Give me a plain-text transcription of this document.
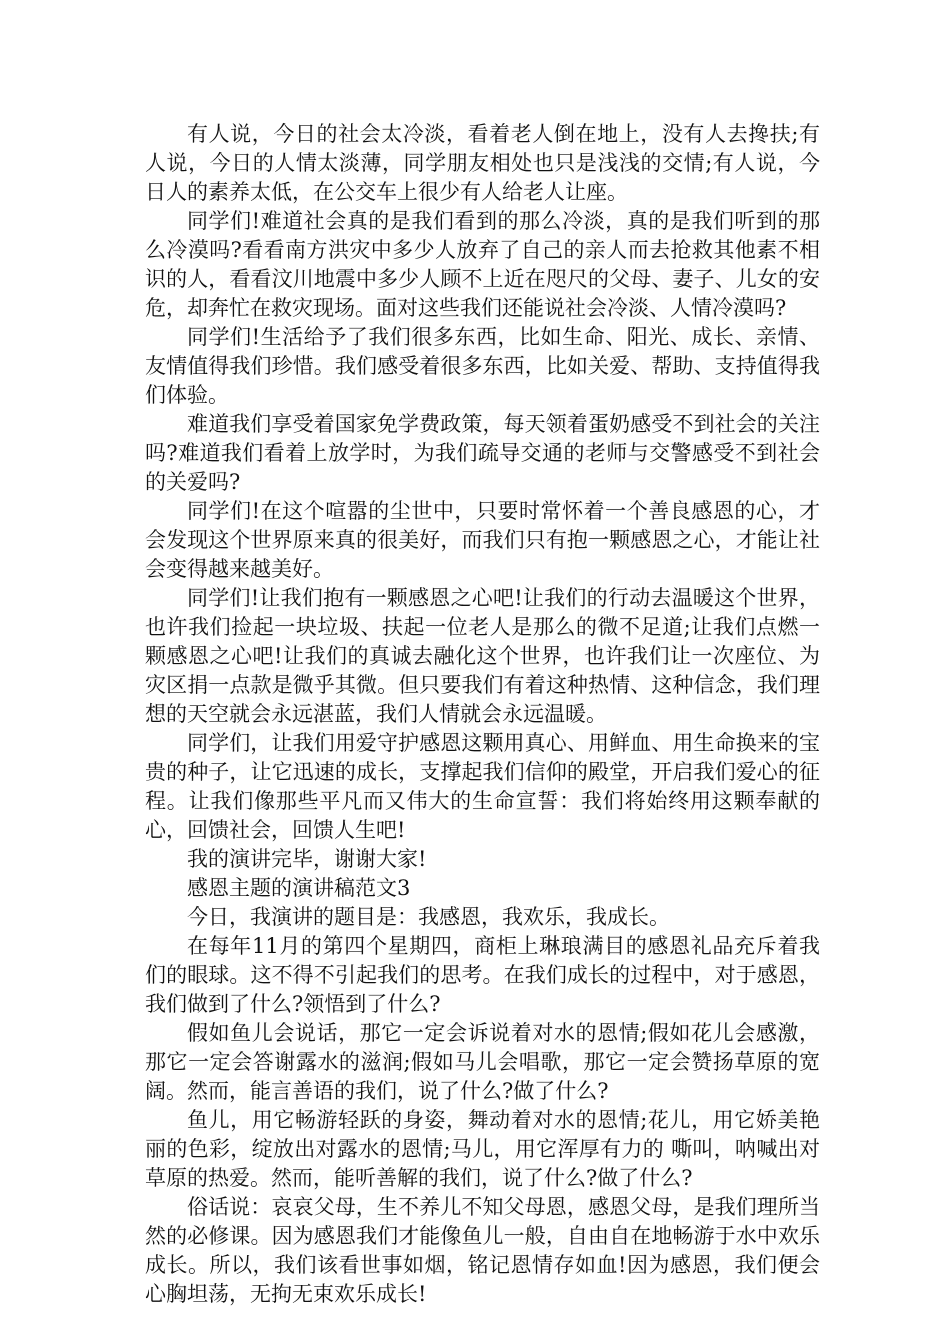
有人说，今日的社会太冷淡，看着老人倒在地上，没有人去搀扶;有人说，今日的人情太淡薄，同学朋友相处也只是浅浅的交情;有人说，今日人的素养太低，在公交车上很少有人给老人让座。

同学们!难道社会真的是我们看到的那么冷淡，真的是我们听到的那么冷漠吗?看看南方洪灾中多少人放弃了自己的亲人而去抢救其他素不相识的人，看看汶川地震中多少人顾不上近在咫尺的父母、妻子、儿女的安危，却奔忙在救灾现场。面对这些我们还能说社会冷淡、人情冷漠吗?

同学们!生活给予了我们很多东西，比如生命、阳光、成长、亲情、友情值得我们珍惜。我们感受着很多东西，比如关爱、帮助、支持值得我们体验。

难道我们享受着国家免学费政策，每天领着蛋奶感受不到社会的关注吗?难道我们看着上放学时，为我们疏导交通的老师与交警感受不到社会的关爱吗?

同学们!在这个喧嚣的尘世中，只要时常怀着一个善良感恩的心，才会发现这个世界原来真的很美好，而我们只有抱一颗感恩之心，才能让社会变得越来越美好。

同学们!让我们抱有一颗感恩之心吧!让我们的行动去温暖这个世界，也许我们捡起一块垃圾、扶起一位老人是那么的微不足道;让我们点燃一颗感恩之心吧!让我们的真诚去融化这个世界，也许我们让一次座位、为灾区捐一点款是微乎其微。但只要我们有着这种热情、这种信念，我们理想的天空就会永远湛蓝，我们人情就会永远温暖。

同学们，让我们用爱守护感恩这颗用真心、用鲜血、用生命换来的宝贵的种子，让它迅速的成长，支撑起我们信仰的殿堂，开启我们爱心的征程。让我们像那些平凡而又伟大的生命宣誓：我们将始终用这颗奉献的心，回馈社会，回馈人生吧!

我的演讲完毕，谢谢大家!

感恩主题的演讲稿范文3

今日，我演讲的题目是：我感恩，我欢乐，我成长。

在每年11月的第四个星期四，商柜上琳琅满目的感恩礼品充斥着我们的眼球。这不得不引起我们的思考。在我们成长的过程中，对于感恩，我们做到了什么?领悟到了什么?

假如鱼儿会说话，那它一定会诉说着对水的恩情;假如花儿会感激，那它一定会答谢露水的滋润;假如马儿会唱歌，那它一定会赞扬草原的宽阔。然而，能言善语的我们，说了什么?做了什么?

鱼儿，用它畅游轻跃的身姿，舞动着对水的恩情;花儿，用它娇美艳丽的色彩，绽放出对露水的恩情;马儿，用它浑厚有力的 嘶叫，呐喊出对草原的热爱。然而，能听善解的我们，说了什么?做了什么?

俗话说：哀哀父母，生不养儿不知父母恩，感恩父母，是我们理所当然的必修课。因为感恩我们才能像鱼儿一般，自由自在地畅游于水中欢乐成长。所以，我们该看世事如烟，铭记恩情存如血!因为感恩，我们便会心胸坦荡，无拘无束欢乐成长!
